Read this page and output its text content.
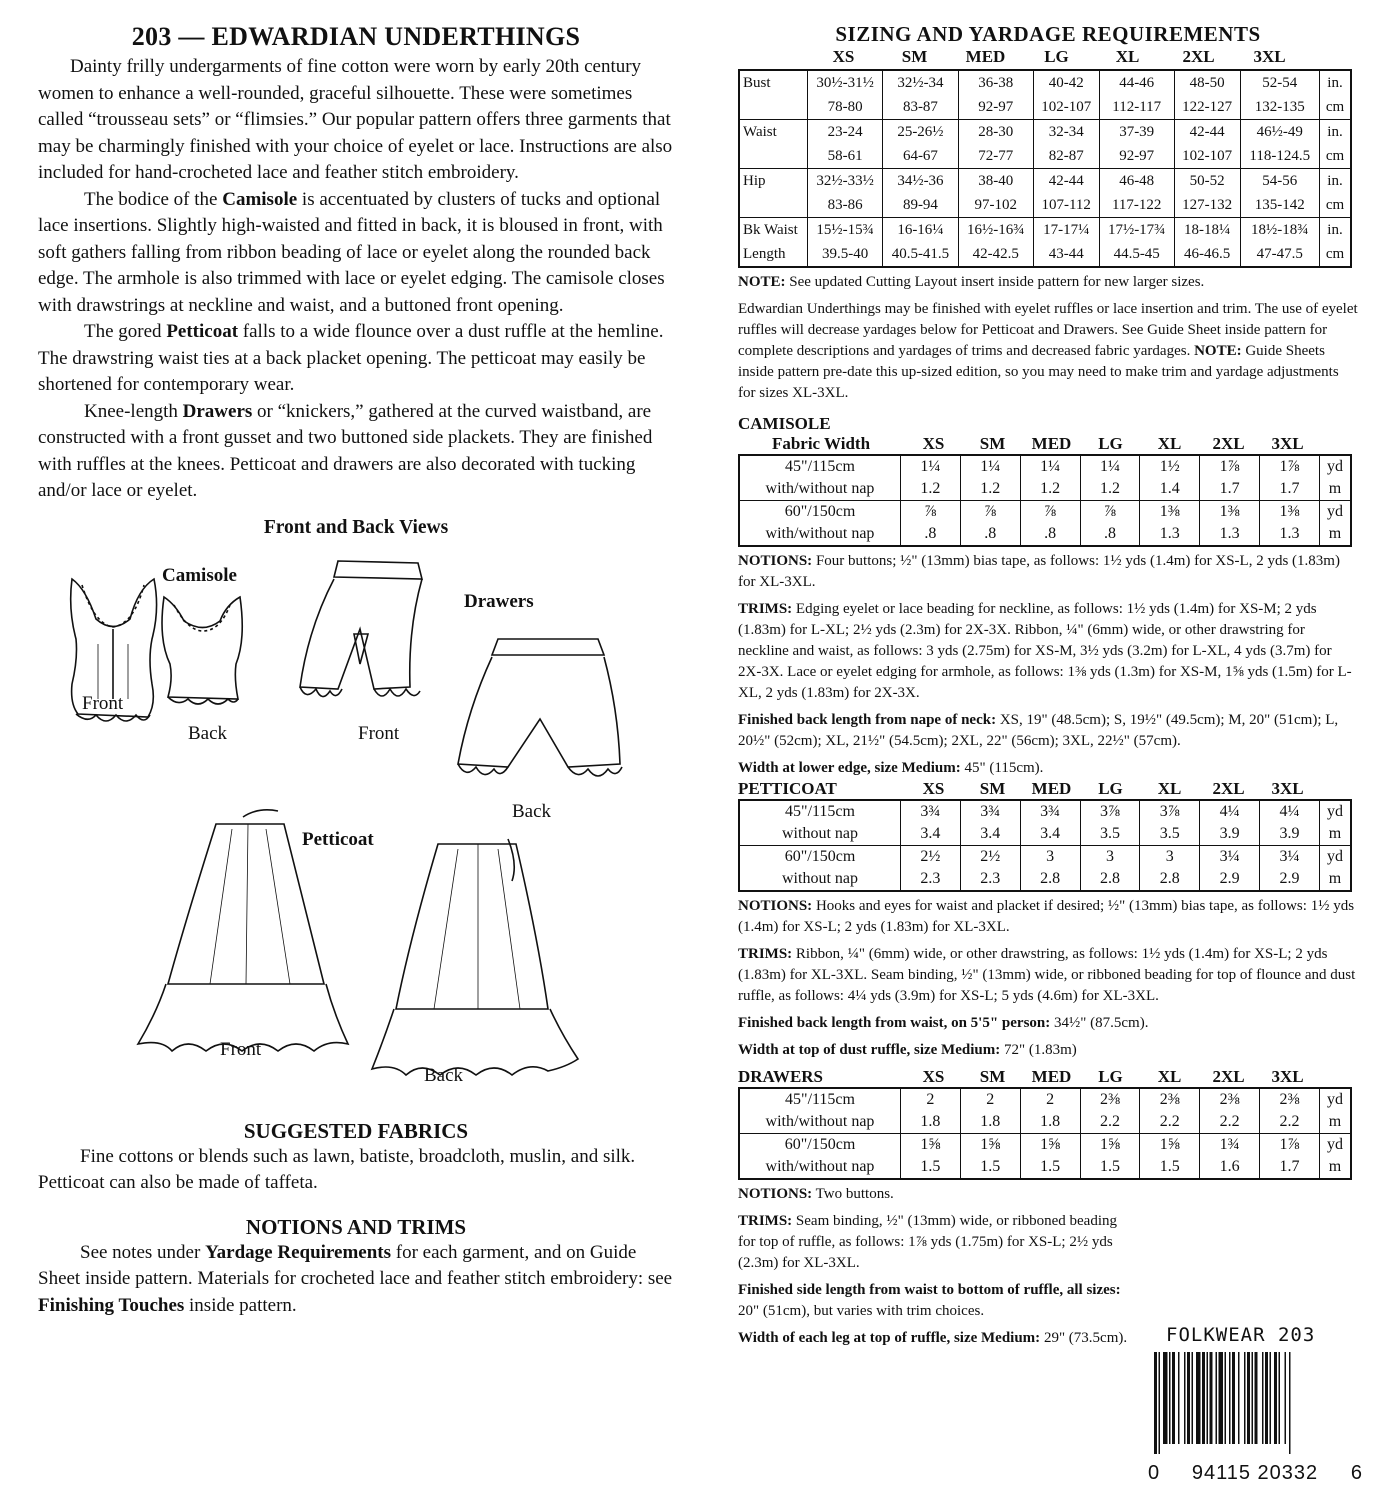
203 — EDWARDIAN UNDERTHINGS

Dainty frilly undergarments of fine cotton were worn by early 20th century women to enhance a well-rounded, graceful silhouette. These were sometimes called “trousseau sets” or “flimsies.” Our popular pattern offers three garments that may be charmingly finished with your choice of eyelet or lace. Instructions are also included for hand-crocheted lace and feather stitch embroidery.

The bodice of the Camisole is accentuated by clusters of tucks and optional lace insertions. Slightly high-waisted and fitted in back, it is bloused in front, with soft gathers falling from ribbon beading of lace or eyelet along the rounded back edge. The armhole is also trimmed with lace or eyelet edging. The camisole closes with drawstrings at neckline and waist, and a buttoned front opening.

The gored Petticoat falls to a wide flounce over a dust ruffle at the hemline. The drawstring waist ties at a back placket opening. The petticoat may easily be shortened for contemporary wear.

Knee-length Drawers or “knickers,” gathered at the curved waistband, are constructed with a front gusset and two buttoned side plackets. They are finished with ruffles at the knees. Petticoat and drawers are also decorated with tucking and/or lace or eyelet.

Front and Back Views
Camisole
Drawers
Front
Back	Front
Back
Petticoat
Front
Back
SUGGESTED FABRICS

Fine cottons or blends such as lawn, batiste, broadcloth, muslin, and silk. Petticoat can also be made of taffeta.

NOTIONS AND TRIMS

See notes under Yardage Requirements for each garment, and on Guide Sheet inside pattern. Materials for crocheted lace and feather stitch embroidery: see Finishing Touches inside pattern.

SIZING AND YARDAGE REQUIREMENTS
XS	SM	MED	LG	XL	2XL	3XL
Bust	30½-31½	32½-34	36-38	40-42	44-46	48-50	52-54	in.
	78-80	83-87	92-97	102-107	112-117	122-127	132-135	cm
Waist	23-24	25-26½	28-30	32-34	37-39	42-44	46½-49	in.
	58-61	64-67	72-77	82-87	92-97	102-107	118-124.5	cm
Hip	32½-33½	34½-36	38-40	42-44	46-48	50-52	54-56	in.
	83-86	89-94	97-102	107-112	117-122	127-132	135-142	cm
Bk Waist	15½-15¾	16-16¼	16½-16¾	17-17¼	17½-17¾	18-18¼	18½-18¾	in.
Length	39.5-40	40.5-41.5	42-42.5	43-44	44.5-45	46-46.5	47-47.5	cm

NOTE: See updated Cutting Layout insert inside pattern for new larger sizes.

Edwardian Underthings may be finished with eyelet ruffles or lace insertion and trim. The use of eyelet ruffles will decrease yardages below for Petticoat and Drawers. See Guide Sheet inside pattern for complete descriptions and yardages of trims and decreased fabric yardages. NOTE: Guide Sheets inside pattern pre-date this up-sized edition, so you may need to make trim and yardage adjustments for sizes XL-3XL.

CAMISOLE
Fabric Width	XS	SM	MED	LG	XL	2XL	3XL
45"/115cm	1¼	1¼	1¼	1¼	1½	1⅞	1⅞	yd
with/without nap	1.2	1.2	1.2	1.2	1.4	1.7	1.7	m
60"/150cm	⅞	⅞	⅞	⅞	1⅜	1⅜	1⅜	yd
with/without nap	.8	.8	.8	.8	1.3	1.3	1.3	m

NOTIONS: Four buttons; ½" (13mm) bias tape, as follows: 1½ yds (1.4m) for XS-L, 2 yds (1.83m) for XL-3XL.

TRIMS: Edging eyelet or lace beading for neckline, as follows: 1½ yds (1.4m) for XS-M; 2 yds (1.83m) for L-XL; 2½ yds (2.3m) for 2X-3X. Ribbon, ¼" (6mm) wide, or other drawstring for neckline and waist, as follows: 3 yds (2.75m) for XS-M, 3½ yds (3.2m) for L-XL, 4 yds (3.7m) for 2X-3X. Lace or eyelet edging for armhole, as follows: 1⅜ yds (1.3m) for XS-M, 1⅝ yds (1.5m) for L-XL, 2 yds (1.83m) for 2X-3X.

Finished back length from nape of neck: XS, 19" (48.5cm); S, 19½" (49.5cm); M, 20" (51cm); L, 20½" (52cm); XL, 21½" (54.5cm); 2XL, 22" (56cm); 3XL, 22½" (57cm).

Width at lower edge, size Medium: 45" (115cm).

PETTICOAT	XS	SM	MED	LG	XL	2XL	3XL
45"/115cm	3¾	3¾	3¾	3⅞	3⅞	4¼	4¼	yd
without nap	3.4	3.4	3.4	3.5	3.5	3.9	3.9	m
60"/150cm	2½	2½	3	3	3	3¼	3¼	yd
without nap	2.3	2.3	2.8	2.8	2.8	2.9	2.9	m

NOTIONS: Hooks and eyes for waist and placket if desired; ½" (13mm) bias tape, as follows: 1½ yds (1.4m) for XS-L; 2 yds (1.83m) for XL-3XL.

TRIMS: Ribbon, ¼" (6mm) wide, or other drawstring, as follows: 1½ yds (1.4m) for XS-L; 2 yds (1.83m) for XL-3XL. Seam binding, ½" (13mm) wide, or ribboned beading for top of flounce and dust ruffle, as follows: 4¼ yds (3.9m) for XS-L; 5 yds (4.6m) for XL-3XL.

Finished back length from waist, on 5'5" person: 34½" (87.5cm).

Width at top of dust ruffle, size Medium: 72" (1.83m)

DRAWERS	XS	SM	MED	LG	XL	2XL	3XL
45"/115cm	2	2	2	2⅜	2⅜	2⅜	2⅜	yd
with/without nap	1.8	1.8	1.8	2.2	2.2	2.2	2.2	m
60"/150cm	1⅝	1⅝	1⅝	1⅝	1⅝	1¾	1⅞	yd
with/without nap	1.5	1.5	1.5	1.5	1.5	1.6	1.7	m

NOTIONS: Two buttons.

TRIMS: Seam binding, ½" (13mm) wide, or ribboned beading for top of ruffle, as follows: 1⅞ yds (1.75m) for XS-L; 2½ yds (2.3m) for XL-3XL.

Finished side length from waist to bottom of ruffle, all sizes: 20" (51cm), but varies with trim choices.

Width of each leg at top of ruffle, size Medium: 29" (73.5cm).	FOLKWEAR 203
0 94115 20332 6
